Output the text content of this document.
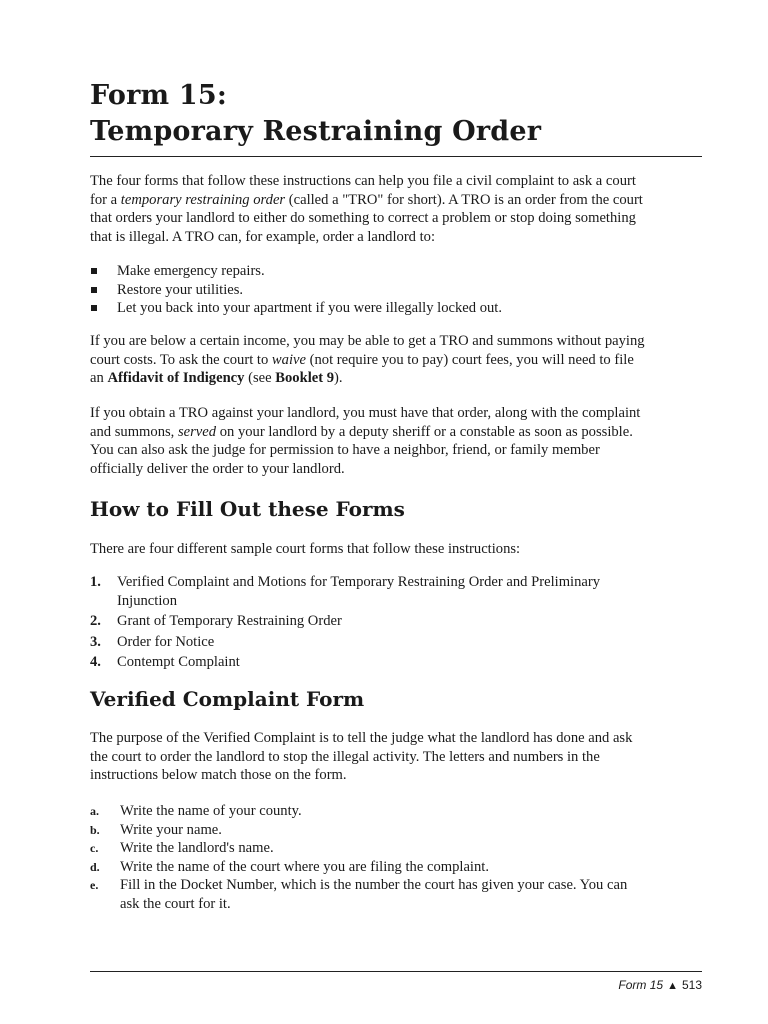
Form 15:
Temporary Restraining Order

The four forms that follow these instructions can help you file a civil complaint to ask a court for a temporary restraining order (called a "TRO" for short). A TRO is an order from the court that orders your landlord to either do something to correct a problem or stop doing something that is illegal. A TRO can, for example, order a landlord to:

Make emergency repairs.
Restore your utilities.
Let you back into your apartment if you were illegally locked out.

If you are below a certain income, you may be able to get a TRO and summons without paying court costs. To ask the court to waive (not require you to pay) court fees, you will need to file an Affidavit of Indigency (see Booklet 9).

If you obtain a TRO against your landlord, you must have that order, along with the complaint and summons, served on your landlord by a deputy sheriff or a constable as soon as possible. You can also ask the judge for permission to have a neighbor, friend, or family member officially deliver the order to your landlord.

How to Fill Out these Forms

There are four different sample court forms that follow these instructions:

1. Verified Complaint and Motions for Temporary Restraining Order and Preliminary Injunction
2. Grant of Temporary Restraining Order
3. Order for Notice
4. Contempt Complaint
Verified Complaint Form

The purpose of the Verified Complaint is to tell the judge what the landlord has done and ask the court to order the landlord to stop the illegal activity. The letters and numbers in the instructions below match those on the form.

a. Write the name of your county.
b. Write your name.
c. Write the landlord's name.
d. Write the name of the court where you are filing the complaint.
e. Fill in the Docket Number, which is the number the court has given your case. You can ask the court for it.
Form 15 ▲ 513
